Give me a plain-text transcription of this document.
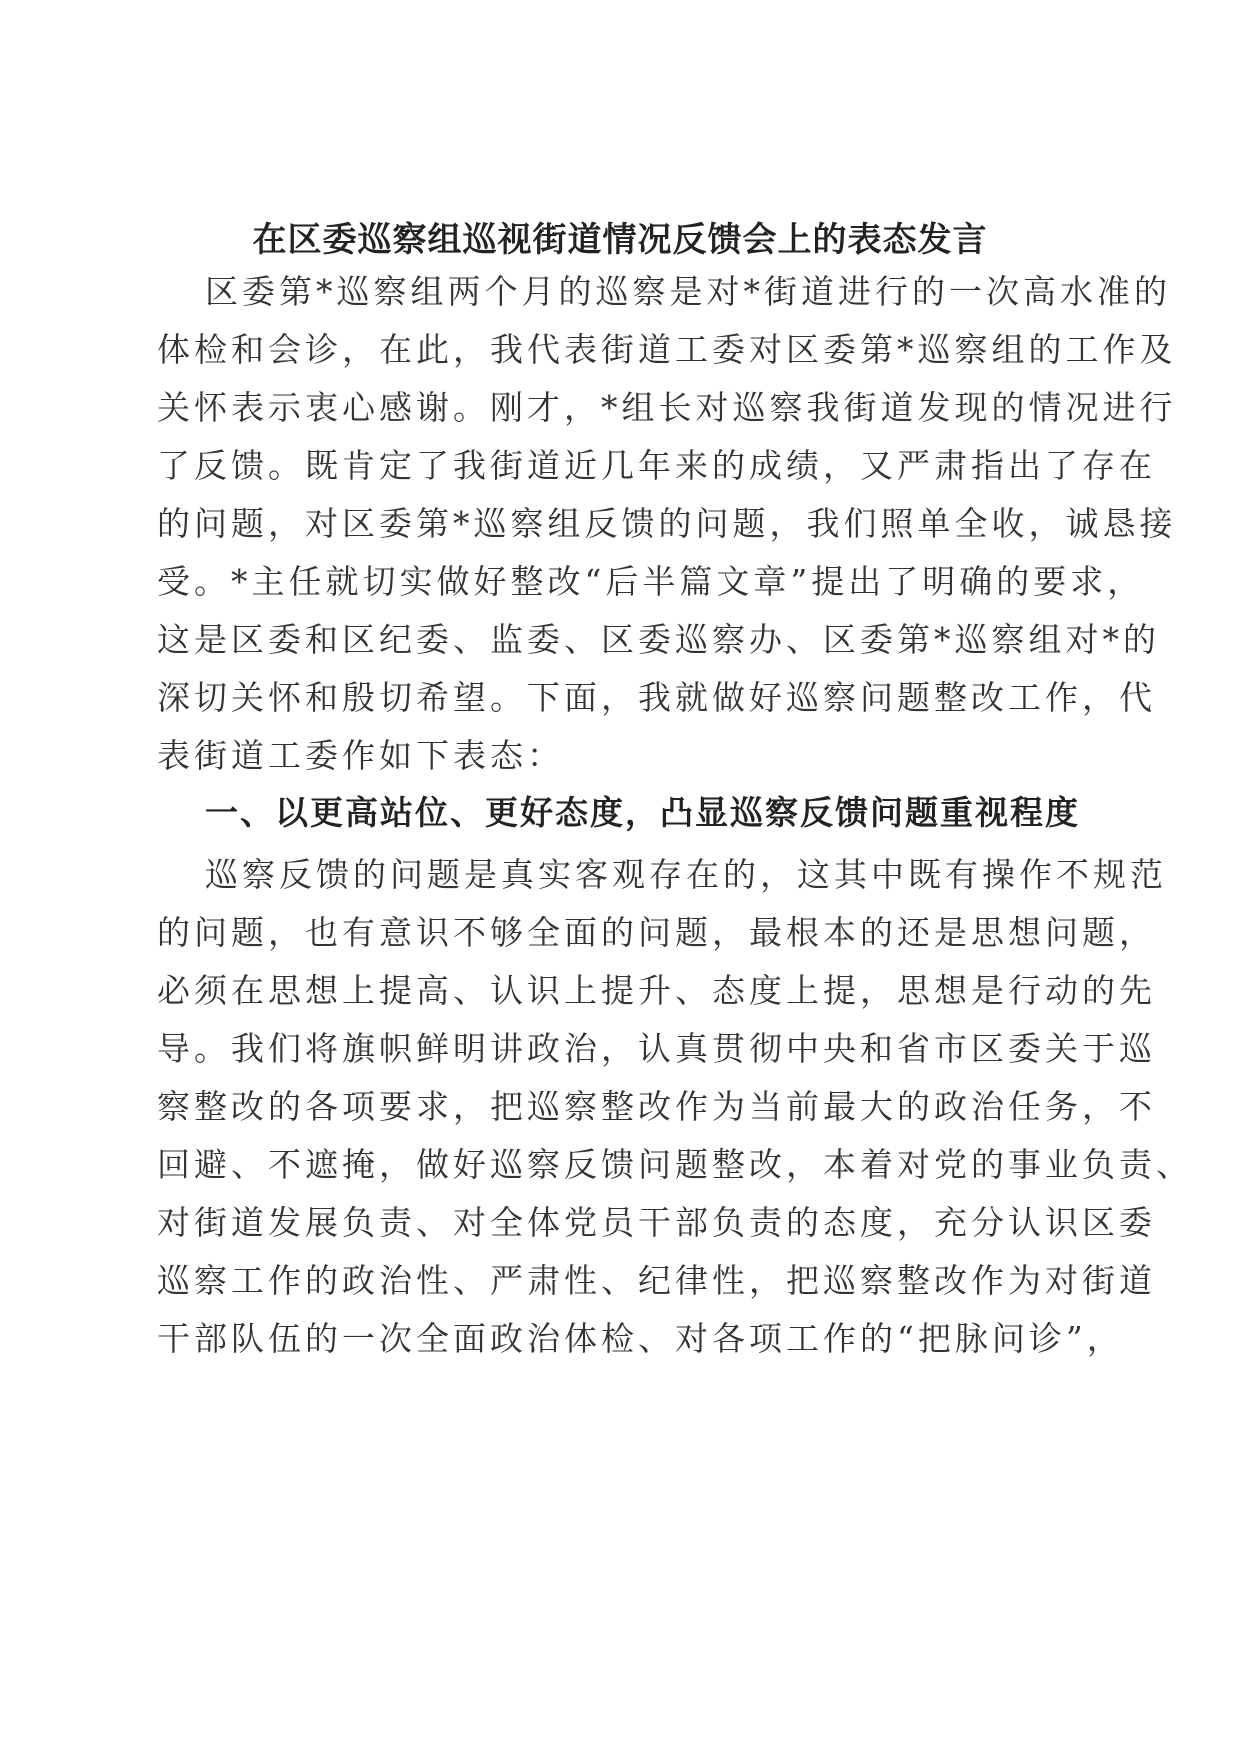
在区委巡察组巡视街道情况反馈会上的表态发言
区委第*巡察组两个月的巡察是对*街道进行的一次高水准的
体检和会诊，在此，我代表街道工委对区委第*巡察组的工作及
关怀表示衷心感谢。刚才，*组长对巡察我街道发现的情况进行
了反馈。既肯定了我街道近几年来的成绩，又严肃指出了存在
的问题，对区委第*巡察组反馈的问题，我们照单全收，诚恳接
受。*主任就切实做好整改“后半篇文章”提出了明确的要求，
这是区委和区纪委、监委、区委巡察办、区委第*巡察组对*的
深切关怀和殷切希望。下面，我就做好巡察问题整改工作，代
表街道工委作如下表态：
一、以更高站位、更好态度，凸显巡察反馈问题重视程度
巡察反馈的问题是真实客观存在的，这其中既有操作不规范
的问题，也有意识不够全面的问题，最根本的还是思想问题，
必须在思想上提高、认识上提升、态度上提，思想是行动的先
导。我们将旗帜鲜明讲政治，认真贯彻中央和省市区委关于巡
察整改的各项要求，把巡察整改作为当前最大的政治任务，不
回避、不遮掩，做好巡察反馈问题整改，本着对党的事业负责、
对街道发展负责、对全体党员干部负责的态度，充分认识区委
巡察工作的政治性、严肃性、纪律性，把巡察整改作为对街道
干部队伍的一次全面政治体检、对各项工作的“把脉问诊”，
